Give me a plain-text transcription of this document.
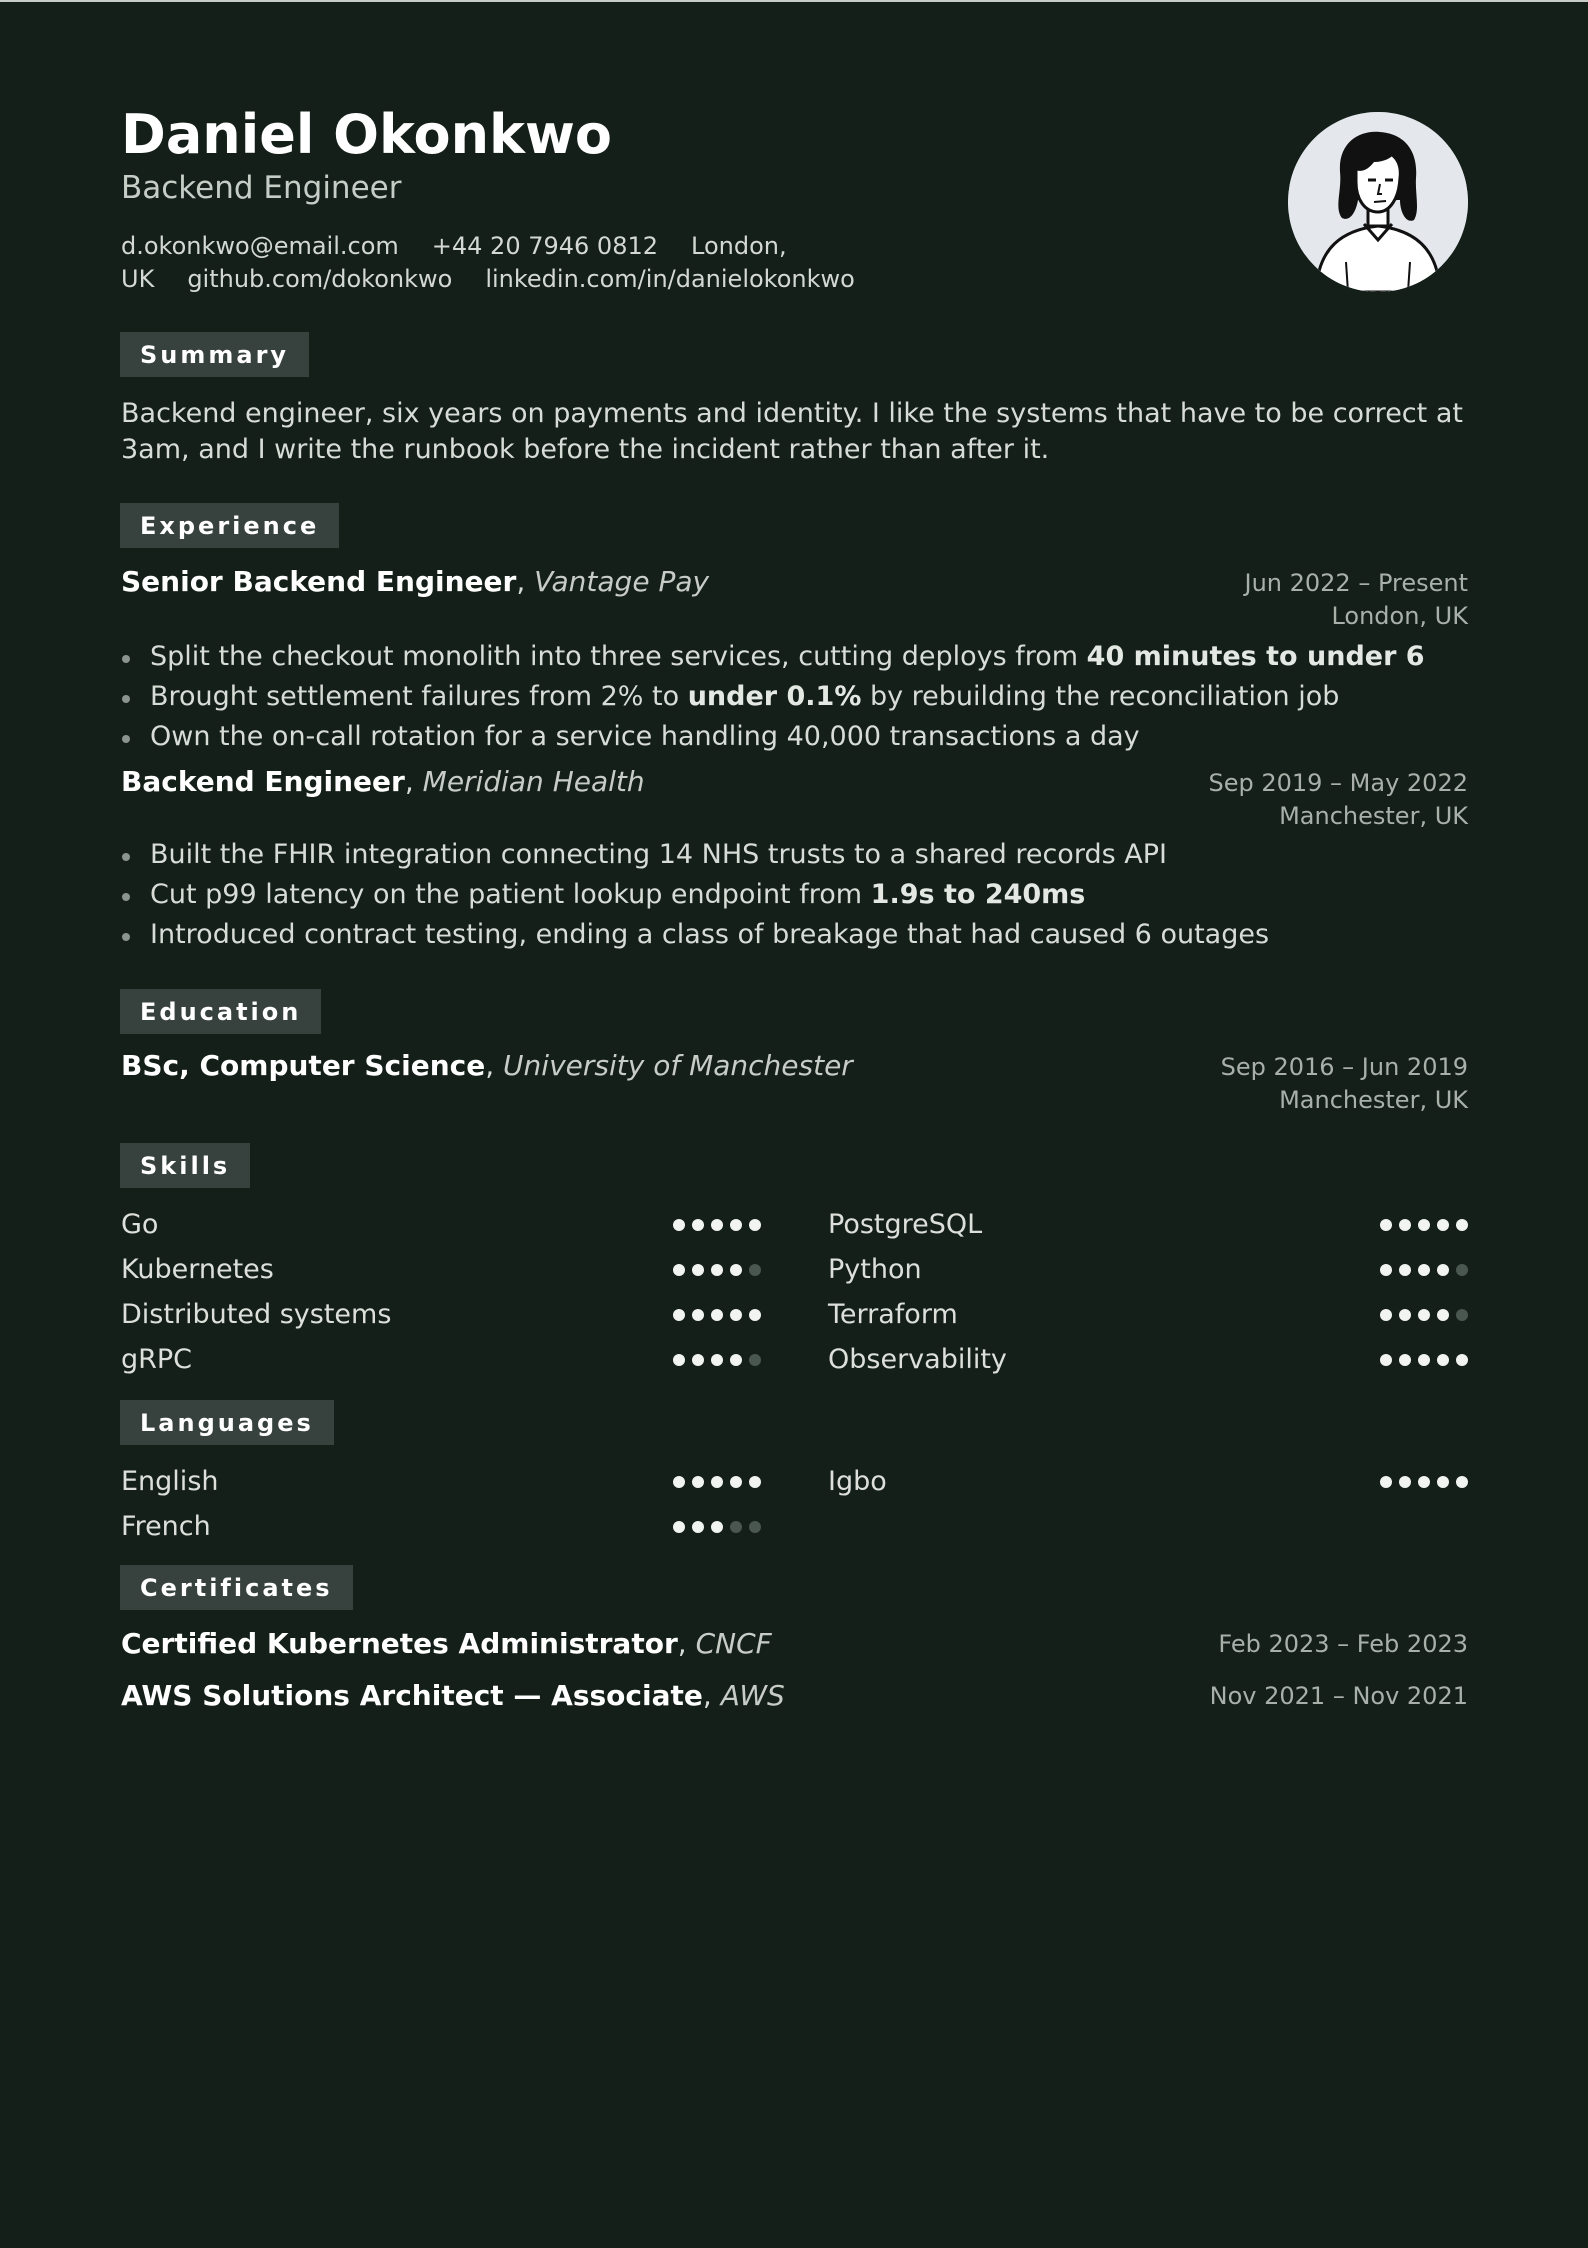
Daniel Okonkwo
Backend Engineer
d.okonkwo@email.com +44 20 7946 0812 London, UK github.com/dokonkwo linkedin.com/in/danielokonkwo
Summary

Backend engineer, six years on payments and identity. I like the systems that have to be correct at 3am, and I write the runbook before the incident rather than after it.

Experience
Senior Backend Engineer, Vantage Pay	Jun 2022 – Present
London, UK
Split the checkout monolith into three services, cutting deploys from 40 minutes to under 6
Brought settlement failures from 2% to under 0.1% by rebuilding the reconciliation job
Own the on-call rotation for a service handling 40,000 transactions a day
Backend Engineer, Meridian Health	Sep 2019 – May 2022
Manchester, UK
Built the FHIR integration connecting 14 NHS trusts to a shared records API
Cut p99 latency on the patient lookup endpoint from 1.9s to 240ms
Introduced contract testing, ending a class of breakage that had caused 6 outages
Education
BSc, Computer Science, University of Manchester	Sep 2016 – Jun 2019
Manchester, UK
Skills
Go	PostgreSQL
Kubernetes	Python
Distributed systems	Terraform
gRPC	Observability
Languages
English	Igbo
French
Certificates
Certified Kubernetes Administrator, CNCF	Feb 2023 – Feb 2023
AWS Solutions Architect — Associate, AWS	Nov 2021 – Nov 2021
